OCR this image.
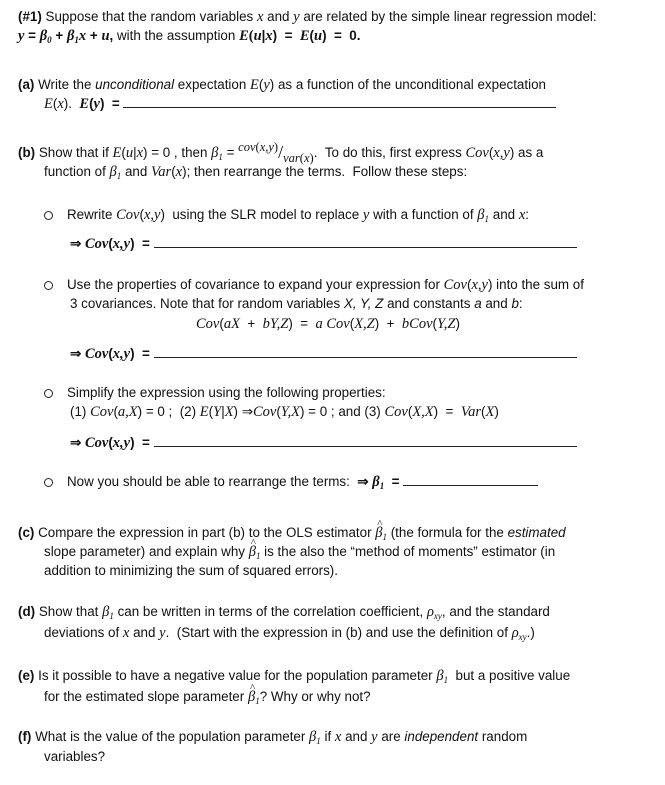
(#1) Suppose that the random variables x and y are related by the simple linear regression model:
$y = \beta_0 + \beta_1x + u$, with the assumption E(u|x) = E(u) = 0.
(a) Write the unconditional expectation E(y) as a function of the unconditional expectation
E(x).  E(y) =
(b) Show that if E(u|x) = 0 , then $\beta_1 = cov(x,y)/var(x)$.  To do this, first express Cov(x,y) as a
function of $\beta_1$ and Var(x); then rearrange the terms.  Follow these steps:
Rewrite Cov(x,y)  using the SLR model to replace y with a function of $\beta_1$ and x:
⇒ Cov(x,y) =
Use the properties of covariance to expand your expression for Cov(x,y) into the sum of
3 covariances. Note that for random variables X, Y, Z and constants a and b:
Cov(aX  +  bY,Z)  =  a Cov(X,Z)  +  bCov(Y,Z)
⇒ Cov(x,y) =
Simplify the expression using the following properties:
(1) Cov(a,X) = 0 ;  (2) E(Y|X) ⇒Cov(Y,X) = 0 ; and (3) Cov(X,X)  =  Var(X)
⇒ Cov(x,y) =
Now you should be able to rearrange the terms:  ⇒ $\beta_1$ =
(c) Compare the expression in part (b) to the OLS estimator ^ $\beta_1$ (the formula for the estimated
slope parameter) and explain why ^ $\beta_1$ is the also the “method of moments” estimator (in
addition to minimizing the sum of squared errors).
(d) Show that $\beta_1$ can be written in terms of the correlation coefficient, $\rho_{xy}$, and the standard
deviations of x and y.  (Start with the expression in (b) and use the definition of $\rho_{xy}$.)
(e) Is it possible to have a negative value for the population parameter $\beta_1$  but a positive value
for the estimated slope parameter ^ $\beta_1$? Why or why not?
(f) What is the value of the population parameter $\beta_1$ if x and y are independent random
variables?
